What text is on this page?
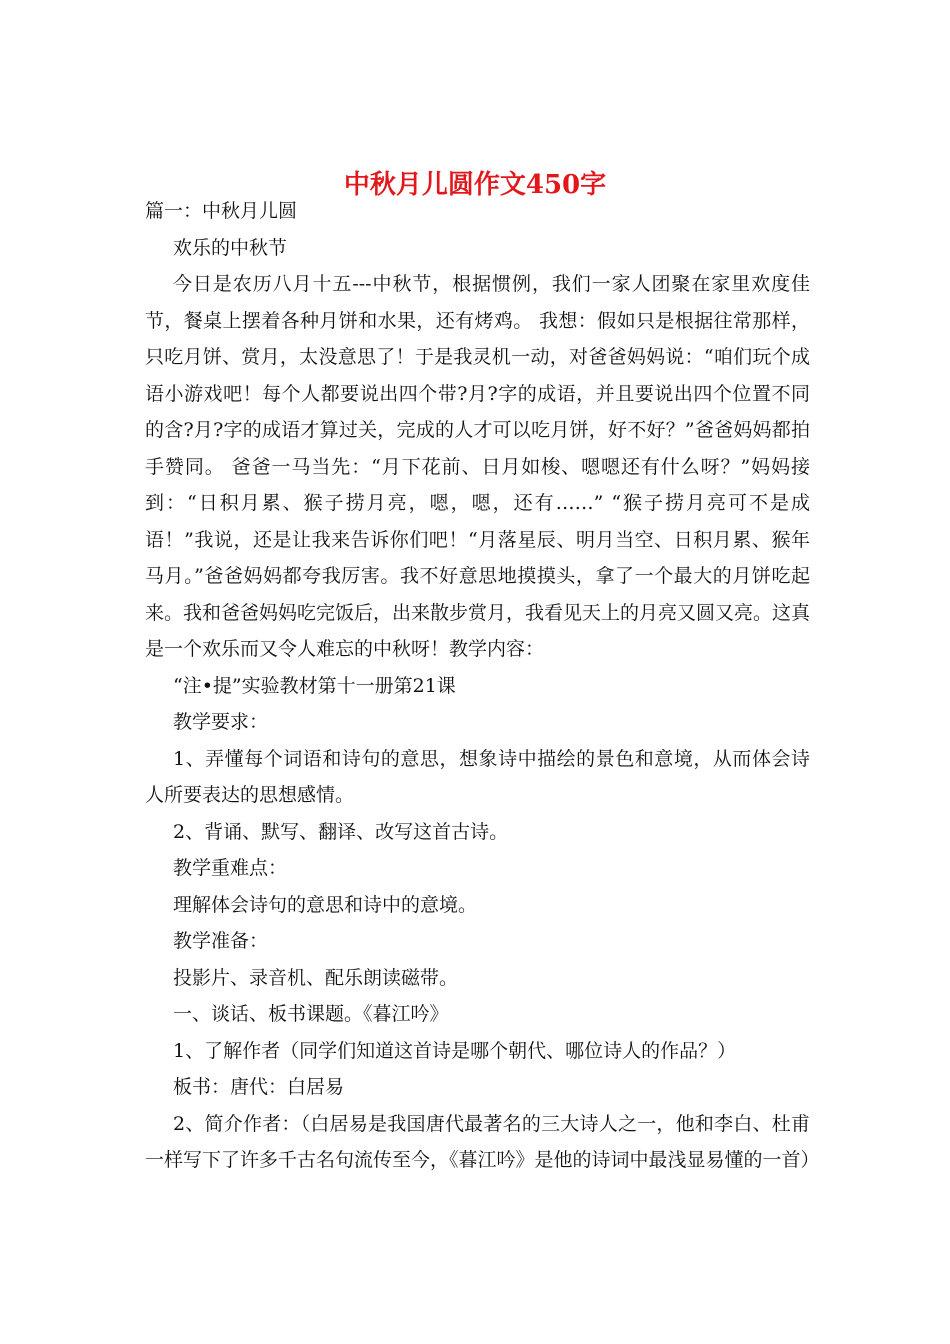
中秋月儿圆作文450字

篇一：中秋月儿圆

欢乐的中秋节

今日是农历八月十五---中秋节，根据惯例，我们一家人团聚在家里欢度佳节，餐桌上摆着各种月饼和水果，还有烤鸡。 我想：假如只是根据往常那样，只吃月饼、赏月，太没意思了！于是我灵机一动，对爸爸妈妈说：“咱们玩个成语小游戏吧！每个人都要说出四个带?月?字的成语，并且要说出四个位置不同的含?月?字的成语才算过关，完成的人才可以吃月饼，好不好？”爸爸妈妈都拍手赞同。 爸爸一马当先：“月下花前、日月如梭、嗯嗯还有什么呀？”妈妈接到：“日积月累、猴子捞月亮，嗯，嗯，还有……” “猴子捞月亮可不是成语！”我说，还是让我来告诉你们吧！“月落星辰、明月当空、日积月累、猴年马月。”爸爸妈妈都夸我厉害。我不好意思地摸摸头，拿了一个最大的月饼吃起来。我和爸爸妈妈吃完饭后，出来散步赏月，我看见天上的月亮又圆又亮。这真是一个欢乐而又令人难忘的中秋呀！教学内容：

“注•提”实验教材第十一册第21课

教学要求：

1、弄懂每个词语和诗句的意思，想象诗中描绘的景色和意境，从而体会诗人所要表达的思想感情。

2、背诵、默写、翻译、改写这首古诗。

教学重难点：

理解体会诗句的意思和诗中的意境。

教学准备：

投影片、录音机、配乐朗读磁带。

一、谈话、板书课题。《暮江吟》

1、了解作者（同学们知道这首诗是哪个朝代、哪位诗人的作品？）

板书：唐代：白居易

2、简介作者：（白居易是我国唐代最著名的三大诗人之一，他和李白、杜甫一样写下了许多千古名句流传至今，《暮江吟》是他的诗词中最浅显易懂的一首）
